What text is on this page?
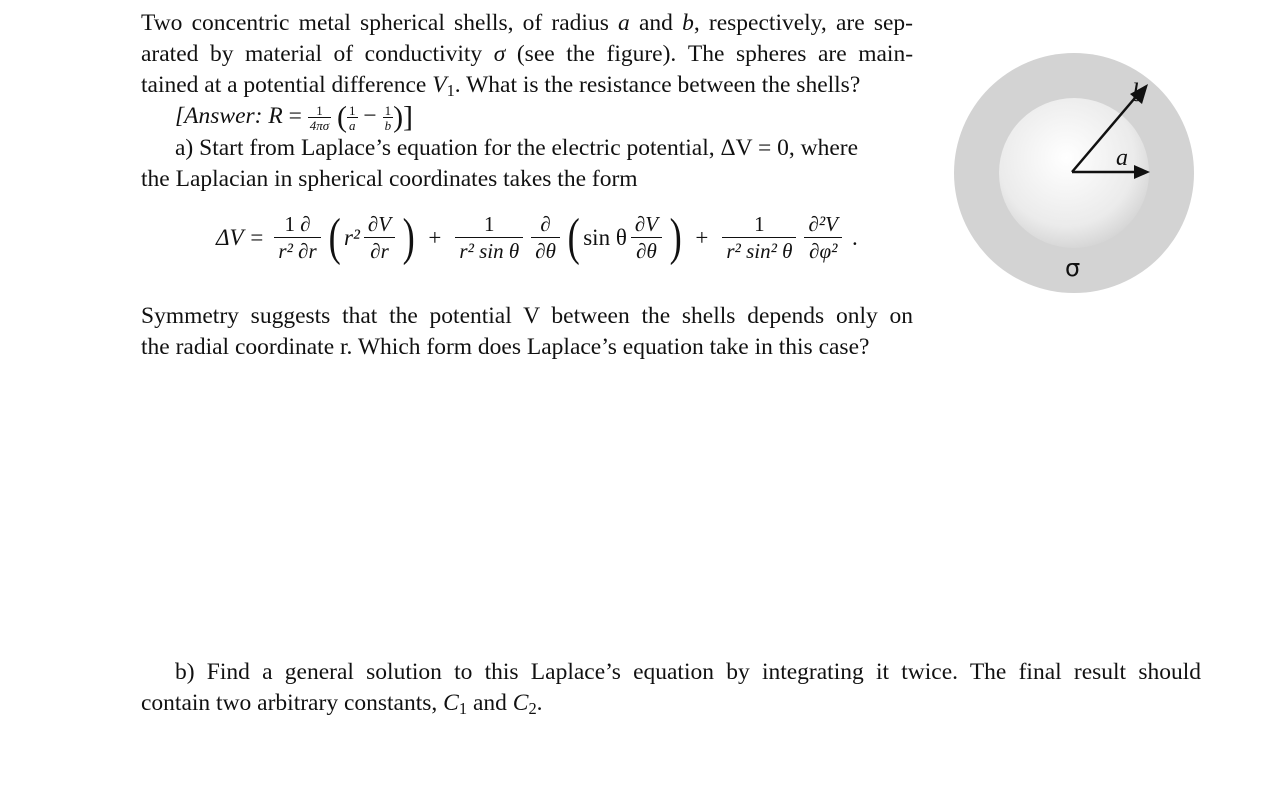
Two concentric metal spherical shells, of radius a and b, respectively, are sep-
arated by material of conductivity σ (see the figure). The spheres are main-
tained at a potential difference $V_1$. What is the resistance between the shells?
[Answer: $R = \frac{1}{4\pi\sigma}$ ( $\frac{1}{a} - \frac{1}{b}$ )]
a) Start from Laplace’s equation for the electric potential, ΔV = 0, where
the Laplacian in spherical coordinates takes the form
$\Delta V = \frac{1 \partial}{\text{r² ∂r}}$ ( $r^2 \frac{\partial V}{\partial r}$ ) + $\frac{1}{\text{r² sin θ}} \frac{\partial}{\partial\theta}$ ( sin θ $\frac{\partial V}{\partial\theta}$ ) + $\frac{1}{\text{r² sin² θ}} \frac{\text{∂²V}}{\text{∂φ²}}$ .
Symmetry suggests that the potential V between the shells depends only on
the radial coordinate r. Which form does Laplace’s equation take in this case?
b) Find a general solution to this Laplace’s equation by integrating it twice. The final result should
contain two arbitrary constants, $C_1$ and $C_2$.
b
a
σ
